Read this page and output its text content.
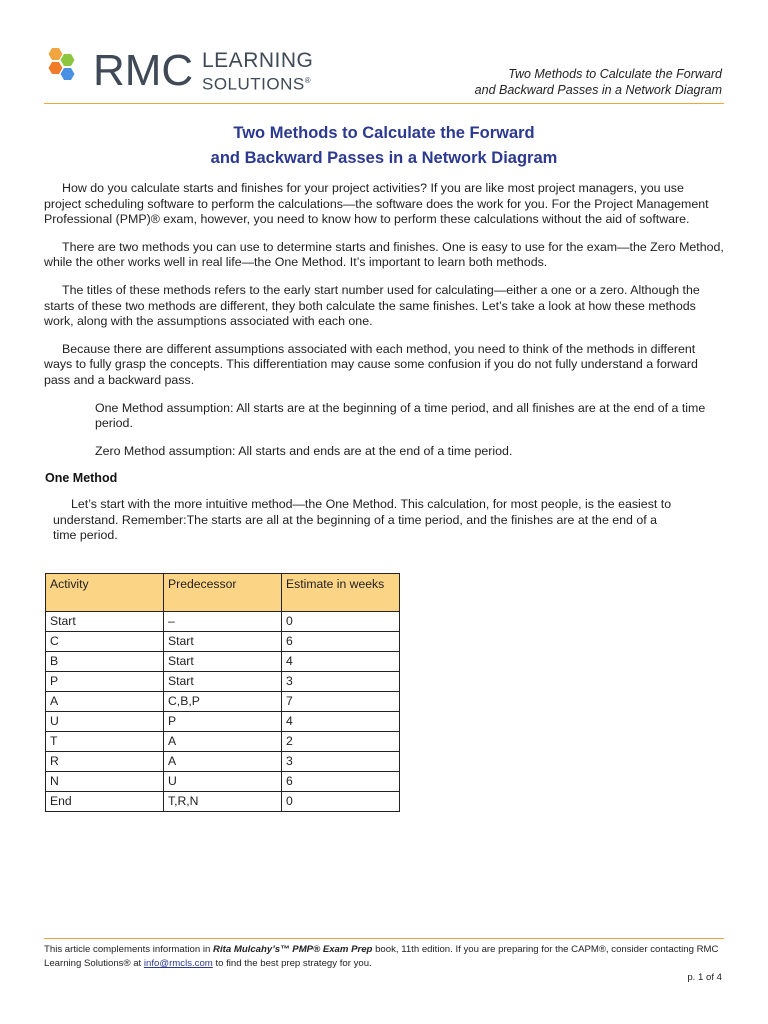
RMC LEARNING
SOLUTIONS®	Two Methods to Calculate the Forward
and Backward Passes in a Network Diagram
Two Methods to Calculate the Forward
and Backward Passes in a Network Diagram

How do you calculate starts and finishes for your project activities? If you are like most project managers, you use project scheduling software to perform the calculations—the software does the work for you. For the Project Management Professional (PMP)® exam, however, you need to know how to perform these calculations without the aid of software.

There are two methods you can use to determine starts and finishes. One is easy to use for the exam—the Zero Method, while the other works well in real life—the One Method. It’s important to learn both methods.

The titles of these methods refers to the early start number used for calculating—either a one or a zero. Although the starts of these two methods are different, they both calculate the same finishes. Let’s take a look at how these methods work, along with the assumptions associated with each one.

Because there are different assumptions associated with each method, you need to think of the methods in different ways to fully grasp the concepts. This differentiation may cause some confusion if you do not fully understand a forward pass and a backward pass.

One Method assumption: All starts are at the beginning of a time period, and all finishes are at the end of a time period.

Zero Method assumption: All starts and ends are at the end of a time period.

One Method

Let’s start with the more intuitive method—the One Method. This calculation, for most people, is the easiest to understand. Remember:The starts are all at the beginning of a time period, and the finishes are at the end of a time period.

Activity	Predecessor	Estimate in weeks
Start	–	0
C	Start	6
B	Start	4
P	Start	3
A	C,B,P	7
U	P	4
T	A	2
R	A	3
N	U	6
End	T,R,N	0
This article complements information in Rita Mulcahy’s™ PMP® Exam Prep book, 11th edition. If you are preparing for the CAPM®, consider contacting RMC Learning Solutions® at info@rmcls.com to find the best prep strategy for you.
p. 1 of 4
